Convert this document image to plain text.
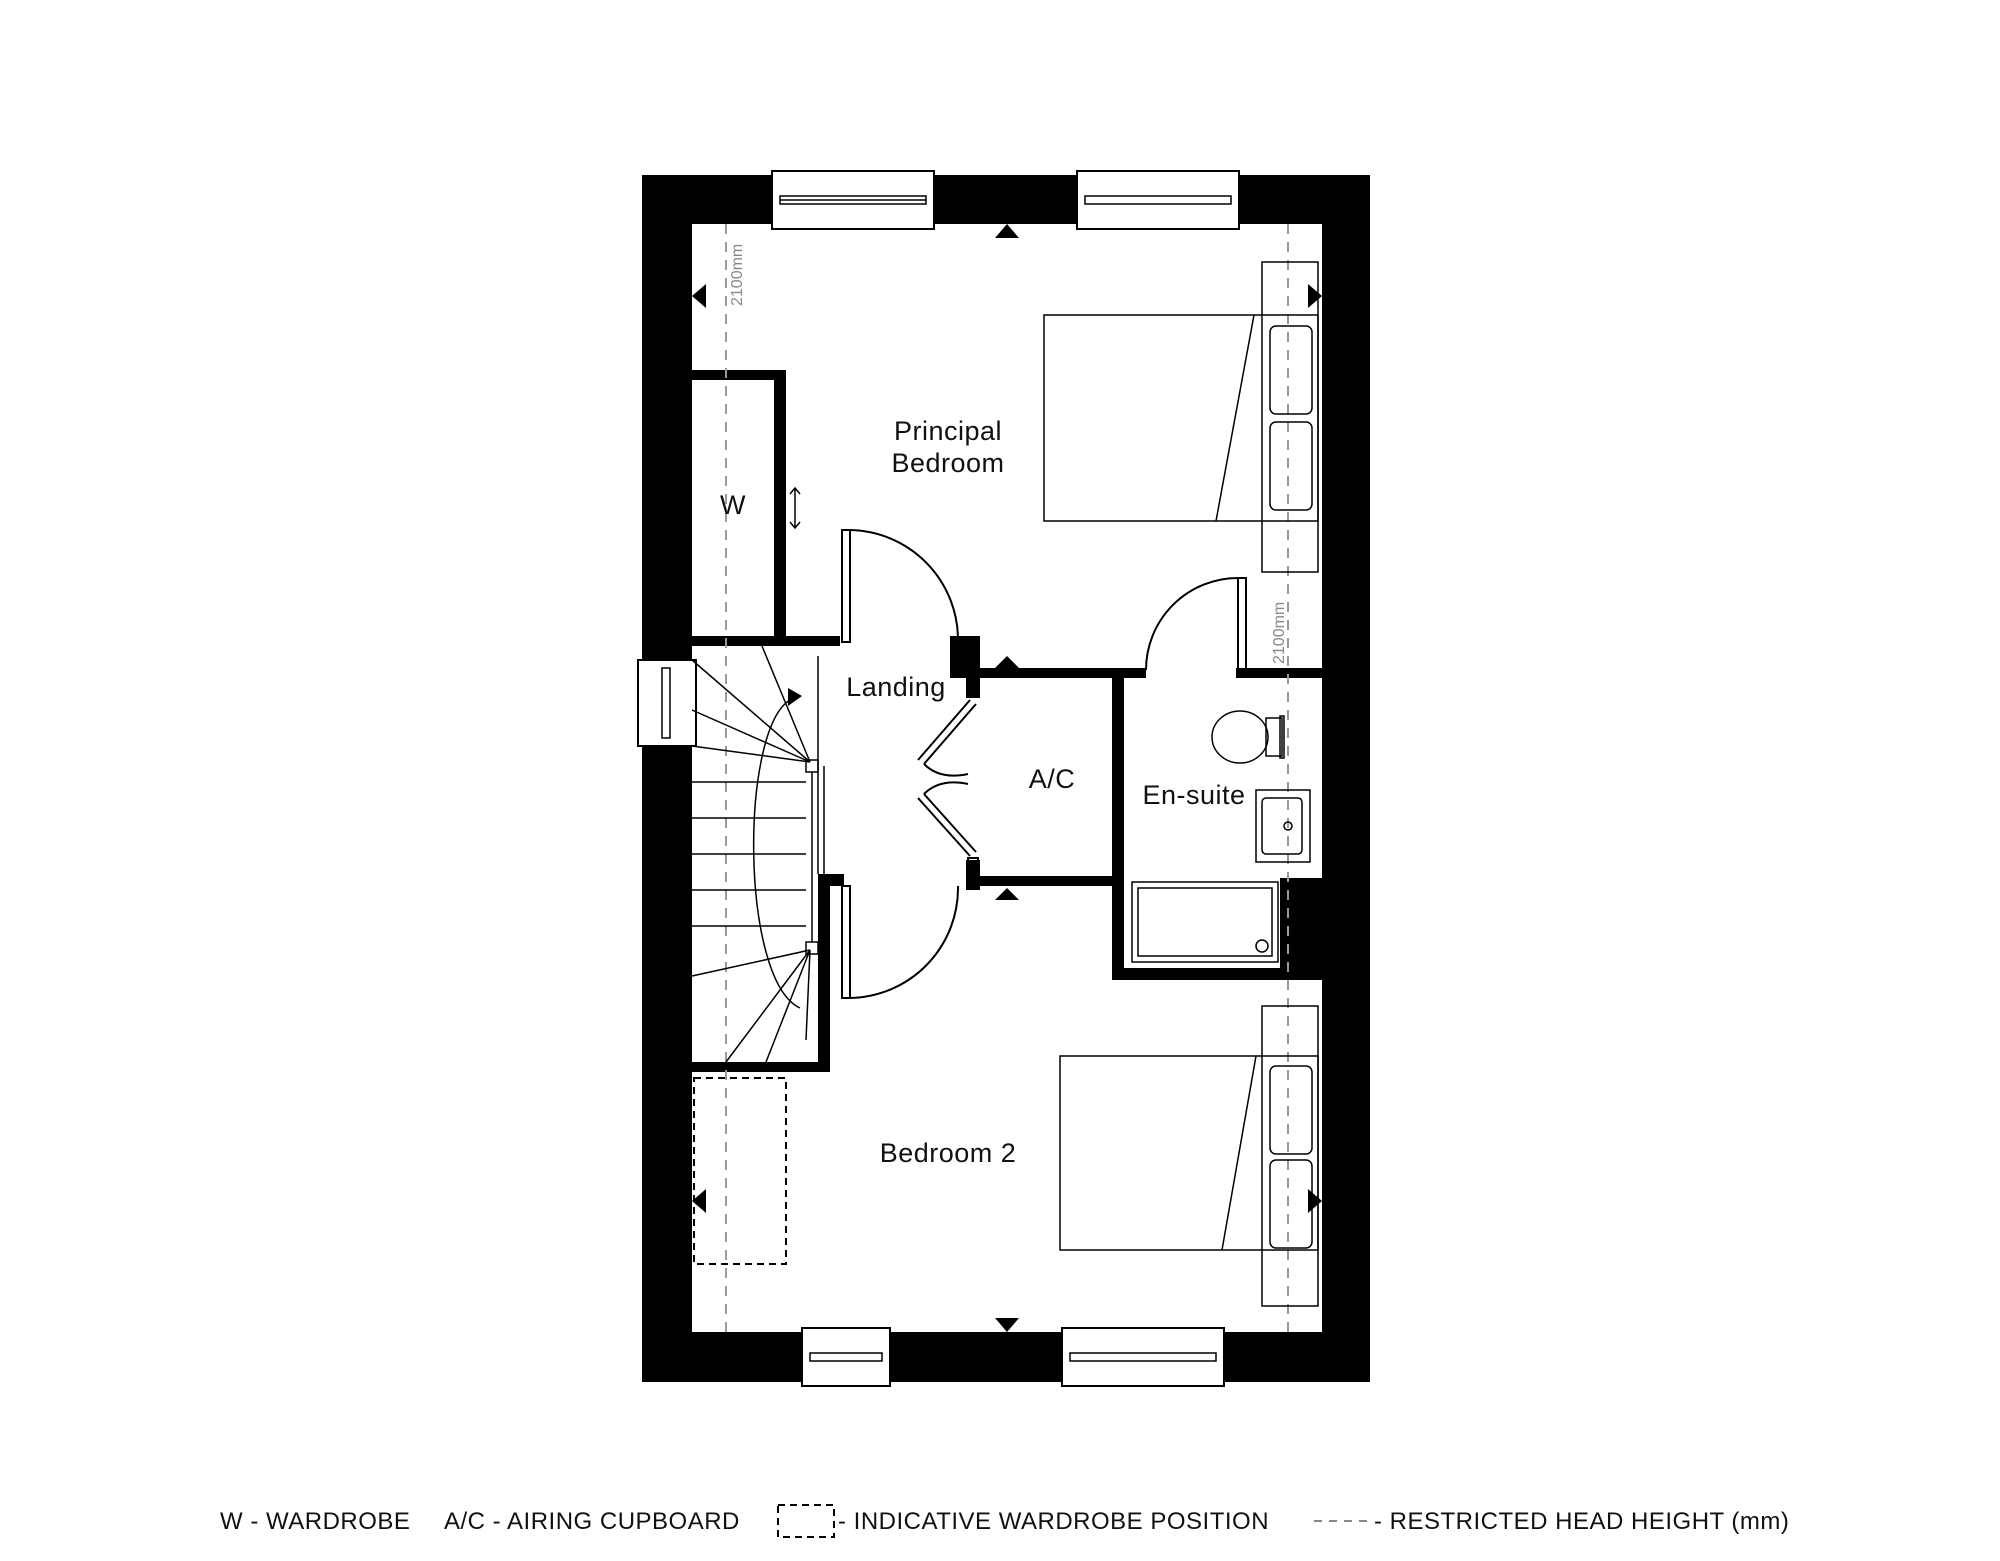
2100mm
2100mm
Principal
Bedroom
W
Landing
A/C
En-suite
Bedroom 2
W - WARDROBE A/C - AIRING CUPBOARD	- INDICATIVE WARDROBE POSITION	- RESTRICTED HEAD HEIGHT (mm)
